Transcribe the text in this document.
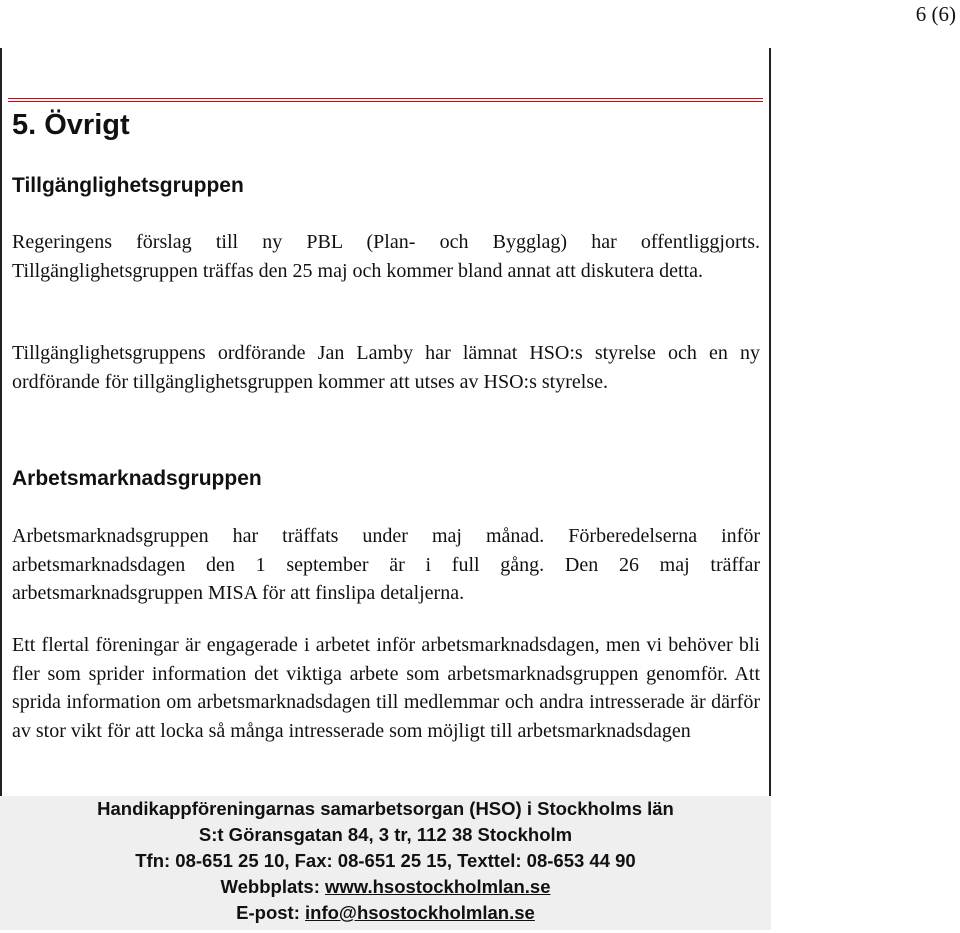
6 (6)
5. Övrigt
Tillgänglighetsgruppen

Regeringens förslag till ny PBL (Plan- och Bygglag) har offentliggjorts. Tillgänglighetsgruppen träffas den 25 maj och kommer bland annat att diskutera detta.

Tillgänglighetsgruppens ordförande Jan Lamby har lämnat HSO:s styrelse och en ny ordförande för tillgänglighetsgruppen kommer att utses av HSO:s styrelse.

Arbetsmarknadsgruppen

Arbetsmarknadsgruppen har träffats under maj månad. Förberedelserna inför arbetsmarknadsdagen den 1 september är i full gång. Den 26 maj träffar arbetsmarknadsgruppen MISA för att finslipa detaljerna.

Ett flertal föreningar är engagerade i arbetet inför arbetsmarknadsdagen, men vi behöver bli fler som sprider information det viktiga arbete som arbetsmarknadsgruppen genomför. Att sprida information om arbetsmarknadsdagen till medlemmar och andra intresserade är därför av stor vikt för att locka så många intresserade som möjligt till arbetsmarknadsdagen

Handikappföreningarnas samarbetsorgan (HSO) i Stockholms län
S:t Göransgatan 84, 3 tr, 112 38 Stockholm
Tfn: 08-651 25 10, Fax: 08-651 25 15, Texttel: 08-653 44 90
Webbplats: www.hsostockholmlan.se
E-post: info@hsostockholmlan.se
